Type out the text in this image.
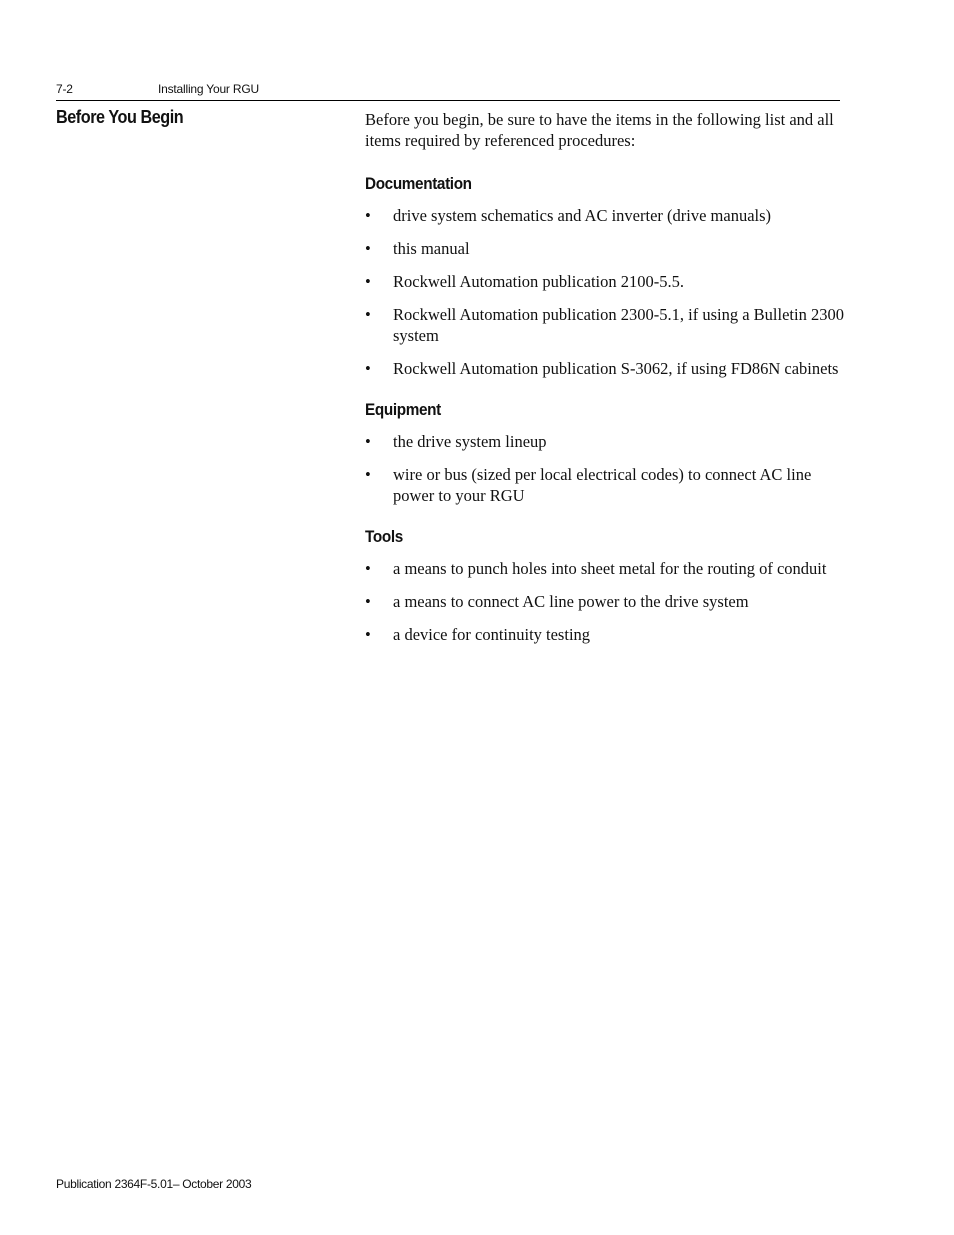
7-2	Installing Your RGU
Before You Begin	Before you begin, be sure to have the items in the following list and all items required by referenced procedures:

Documentation
• drive system schematics and AC inverter (drive manuals)
• this manual
• Rockwell Automation publication 2100-5.5.
• Rockwell Automation publication 2300-5.1, if using a Bulletin 2300 system
• Rockwell Automation publication S-3062, if using FD86N cabinets
Equipment
• the drive system lineup
• wire or bus (sized per local electrical codes) to connect AC line power to your RGU
Tools
• a means to punch holes into sheet metal for the routing of conduit
• a means to connect AC line power to the drive system
• a device for continuity testing
Publication 2364F-5.01– October 2003
